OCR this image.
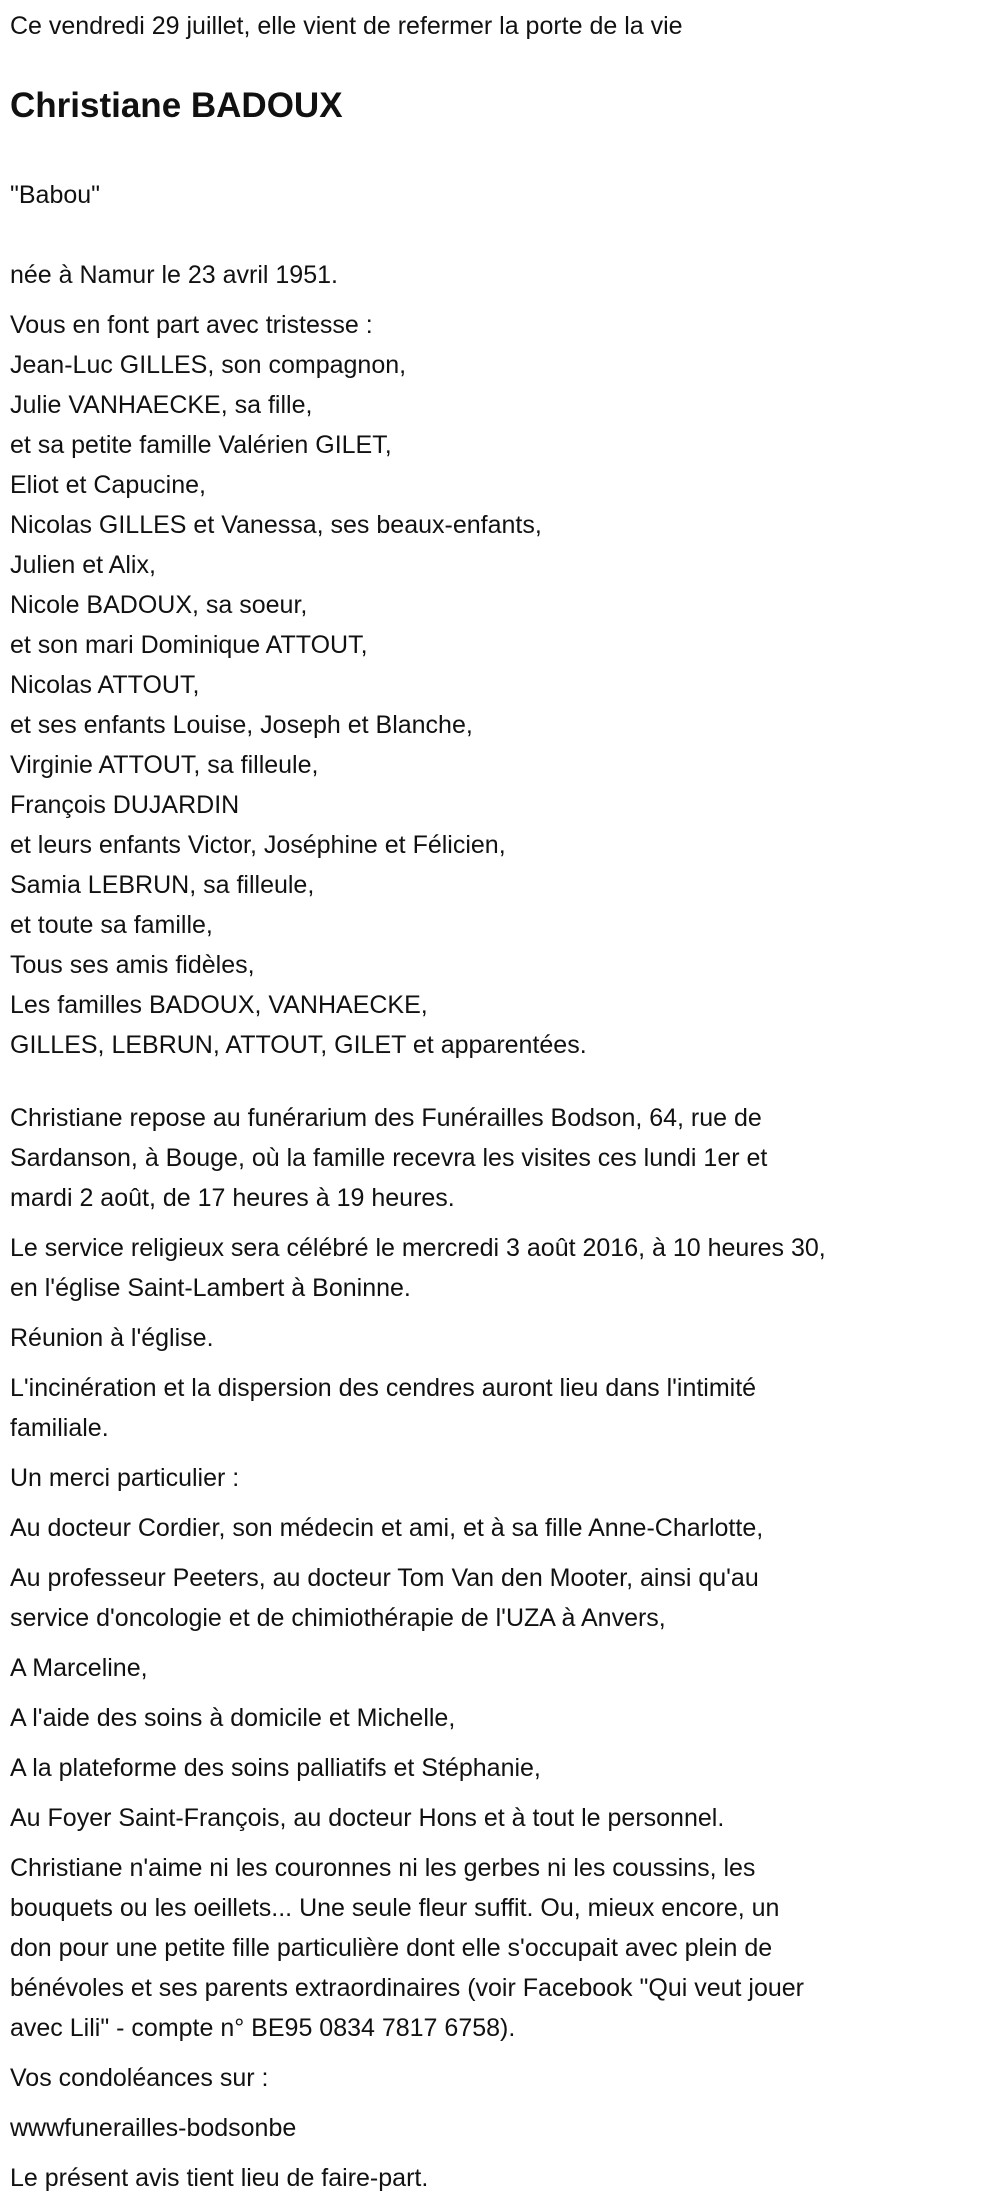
Ce vendredi 29 juillet, elle vient de refermer la porte de la vie

Christiane BADOUX

"Babou"

née à Namur le 23 avril 1951.

Vous en font part avec tristesse :
Jean-Luc GILLES, son compagnon,
Julie VANHAECKE, sa fille,
et sa petite famille Valérien GILET,
Eliot et Capucine,
Nicolas GILLES et Vanessa, ses beaux-enfants,
Julien et Alix,
Nicole BADOUX, sa soeur,
et son mari Dominique ATTOUT,
Nicolas ATTOUT,
et ses enfants Louise, Joseph et Blanche,
Virginie ATTOUT, sa filleule,
François DUJARDIN
et leurs enfants Victor, Joséphine et Félicien,
Samia LEBRUN, sa filleule,
et toute sa famille,
Tous ses amis fidèles,
Les familles BADOUX, VANHAECKE,
GILLES, LEBRUN, ATTOUT, GILET et apparentées.

Christiane repose au funérarium des Funérailles Bodson, 64, rue de
Sardanson, à Bouge, où la famille recevra les visites ces lundi 1er et
mardi 2 août, de 17 heures à 19 heures.

Le service religieux sera célébré le mercredi 3 août 2016, à 10 heures 30,
en l'église Saint-Lambert à Boninne.

Réunion à l'église.

L'incinération et la dispersion des cendres auront lieu dans l'intimité
familiale.

Un merci particulier :

Au docteur Cordier, son médecin et ami, et à sa fille Anne-Charlotte,

Au professeur Peeters, au docteur Tom Van den Mooter, ainsi qu'au
service d'oncologie et de chimiothérapie de l'UZA à Anvers,

A Marceline,

A l'aide des soins à domicile et Michelle,

A la plateforme des soins palliatifs et Stéphanie,

Au Foyer Saint-François, au docteur Hons et à tout le personnel.

Christiane n'aime ni les couronnes ni les gerbes ni les coussins, les
bouquets ou les oeillets... Une seule fleur suffit. Ou, mieux encore, un
don pour une petite fille particulière dont elle s'occupait avec plein de
bénévoles et ses parents extraordinaires (voir Facebook "Qui veut jouer
avec Lili" - compte n° BE95 0834 7817 6758).

Vos condoléances sur :

wwwfunerailles-bodsonbe

Le présent avis tient lieu de faire-part.
